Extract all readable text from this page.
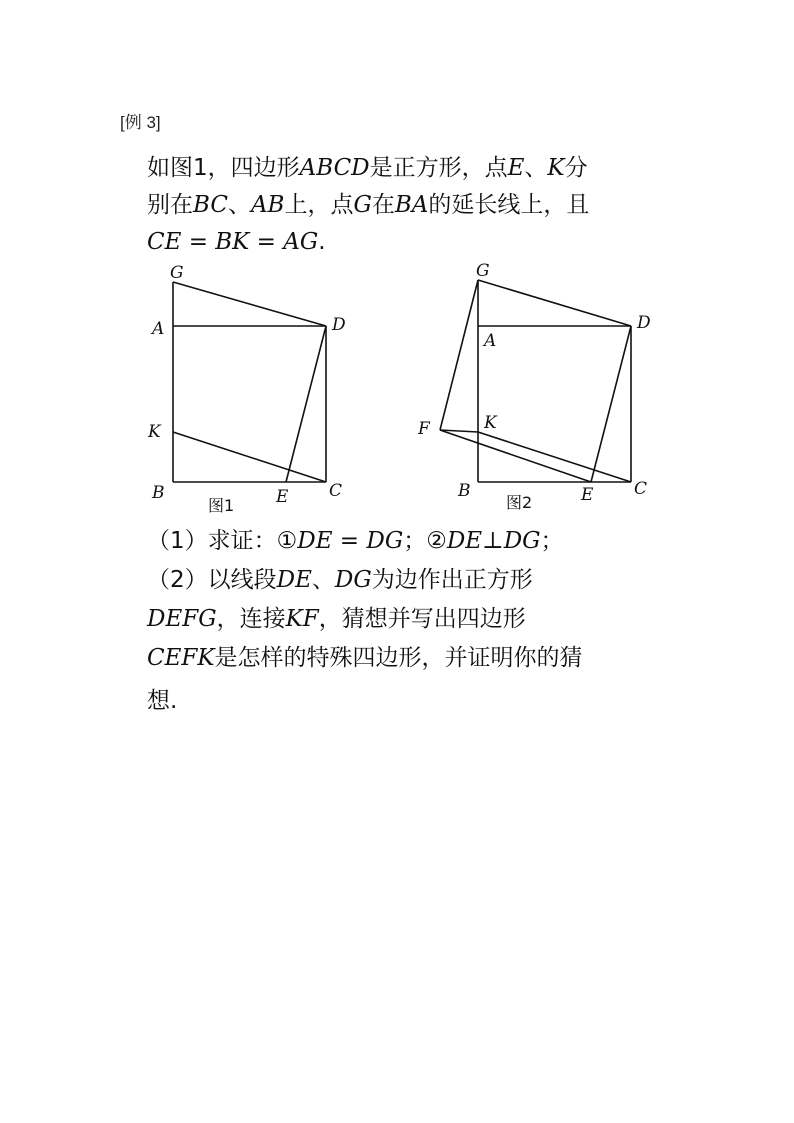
[例 3]
如图1，四边形ABCD是正方形，点E、K分
别在BC、AB上，点G在BA的延长线上，且
CE = BK = AG.
G
A	D
K
B	E C
图1
G
A
D
F	K
B	E C
图2
（1）求证：①DE = DG；②DE⊥DG；
（2）以线段DE、DG为边作出正方形
DEFG，连接KF，猜想并写出四边形
CEFK是怎样的特殊四边形，并证明你的猜
想.
